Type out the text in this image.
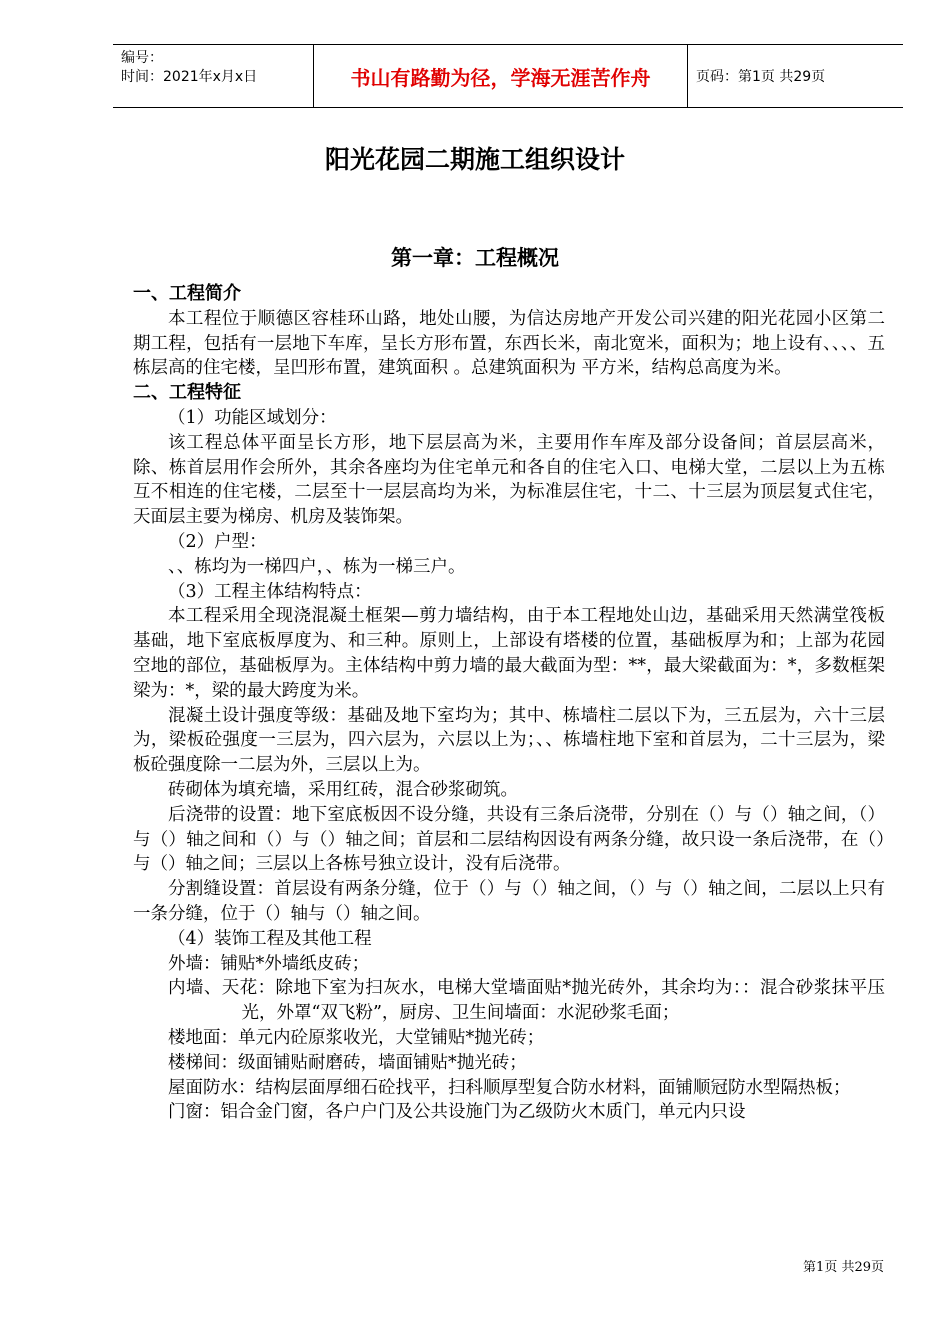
编号：
时间：2021年x月x日	书山有路勤为径，学海无涯苦作舟	页码：第1页 共29页
阳光花园二期施工组织设计
第一章：工程概况

一、工程简介

本工程位于顺德区容桂环山路，地处山腰，为信达房地产开发公司兴建的阳光花园小区第二期工程，包括有一层地下车库，呈长方形布置，东西长米，南北宽米，面积为；地上设有、、、、五栋层高的住宅楼，呈凹形布置，建筑面积 。总建筑面积为 平方米，结构总高度为米。

二、工程特征

（1）功能区域划分：

该工程总体平面呈长方形，地下层层高为米，主要用作车库及部分设备间；首层层高米，除、栋首层用作会所外，其余各座均为住宅单元和各自的住宅入口、电梯大堂，二层以上为五栋互不相连的住宅楼，二层至十一层层高均为米，为标准层住宅，十二、十三层为顶层复式住宅，天面层主要为梯房、机房及装饰架。

（2）户型：

、、栋均为一梯四户，、栋为一梯三户。

（3）工程主体结构特点：

本工程采用全现浇混凝土框架—剪力墙结构，由于本工程地处山边，基础采用天然满堂筏板基础，地下室底板厚度为、和三种。原则上，上部设有塔楼的位置，基础板厚为和；上部为花园空地的部位，基础板厚为。主体结构中剪力墙的最大截面为型：**，最大梁截面为：*，多数框架梁为：*，梁的最大跨度为米。

混凝土设计强度等级：基础及地下室均为；其中、栋墙柱二层以下为，三五层为，六十三层为，梁板砼强度一三层为，四六层为，六层以上为；、、栋墙柱地下室和首层为，二十三层为，梁板砼强度除一二层为外，三层以上为。

砖砌体为填充墙，采用红砖，混合砂浆砌筑。

后浇带的设置：地下室底板因不设分缝，共设有三条后浇带，分别在（）与（）轴之间，（）与（）轴之间和（）与（）轴之间；首层和二层结构因设有两条分缝，故只设一条后浇带，在（）与（）轴之间；三层以上各栋号独立设计，没有后浇带。

分割缝设置：首层设有两条分缝，位于（）与（）轴之间，（）与（）轴之间，二层以上只有一条分缝，位于（）轴与（）轴之间。

（4）装饰工程及其他工程

外墙：铺贴*外墙纸皮砖；

内墙、天花：除地下室为扫灰水，电梯大堂墙面贴*抛光砖外，其余均为：：混合砂浆抹平压光，外罩“双飞粉”，厨房、卫生间墙面：水泥砂浆毛面；

楼地面：单元内砼原浆收光，大堂铺贴*抛光砖；

楼梯间：级面铺贴耐磨砖，墙面铺贴*抛光砖；

屋面防水：结构层面厚细石砼找平，扫科顺厚型复合防水材料，面铺顺冠防水型隔热板；

门窗：铝合金门窗，各户户门及公共设施门为乙级防火木质门，单元内只设

第1页 共29页
